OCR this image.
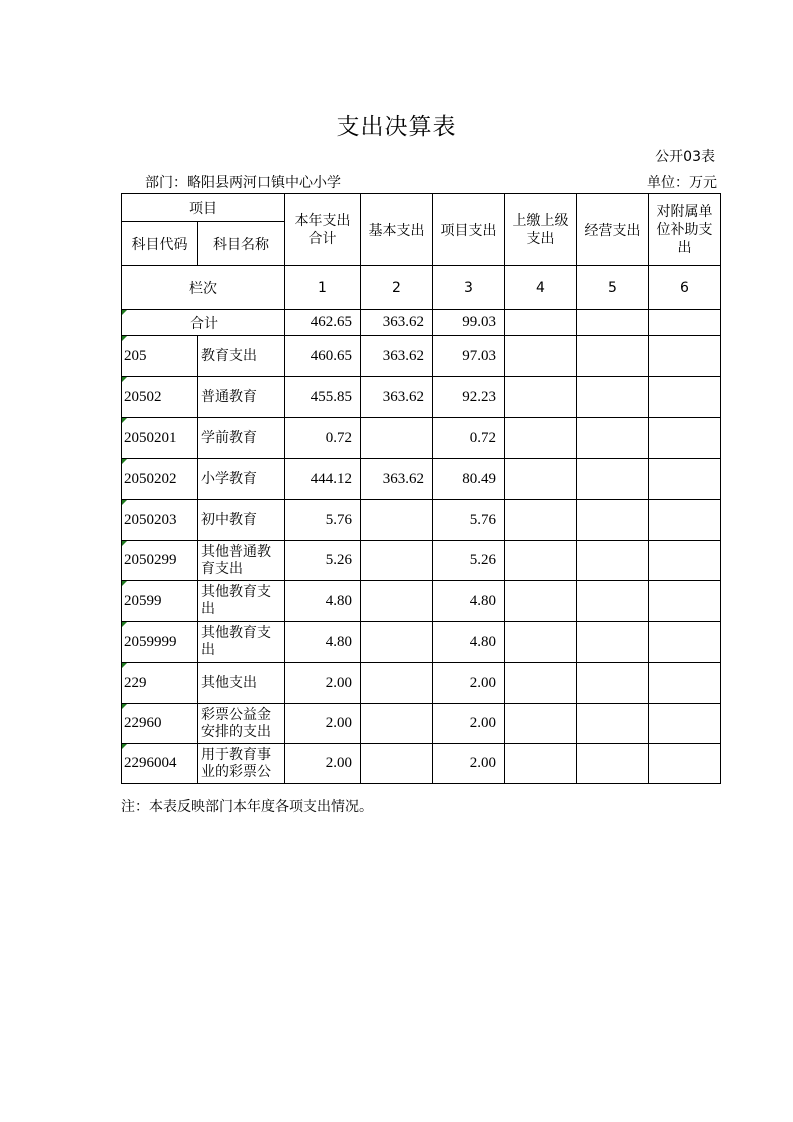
支出决算表
公开03表
部门：略阳县两河口镇中心小学	单位：万元
项目		本年支出合计	基本支出	项目支出	上缴上级支出	经营支出	对附属单位补助支出

科目代码	科目名称						
栏次		1	2	3	4	5	6

合计		462.65	363.62	99.03			

205	教育支出	460.65	363.62	97.03			

20502	普通教育	455.85	363.62	92.23			

2050201	学前教育	0.72		0.72			

2050202	小学教育	444.12	363.62	80.49			

2050203	初中教育	5.76		5.76			

2050299	其他普通教育支出	5.26		5.26			

20599	其他教育支出	4.80		4.80			

2059999	其他教育支出	4.80		4.80			

229	其他支出	2.00		2.00			

22960	彩票公益金安排的支出	2.00		2.00			

2296004	用于教育事业的彩票公	2.00		2.00			
注：本表反映部门本年度各项支出情况。
